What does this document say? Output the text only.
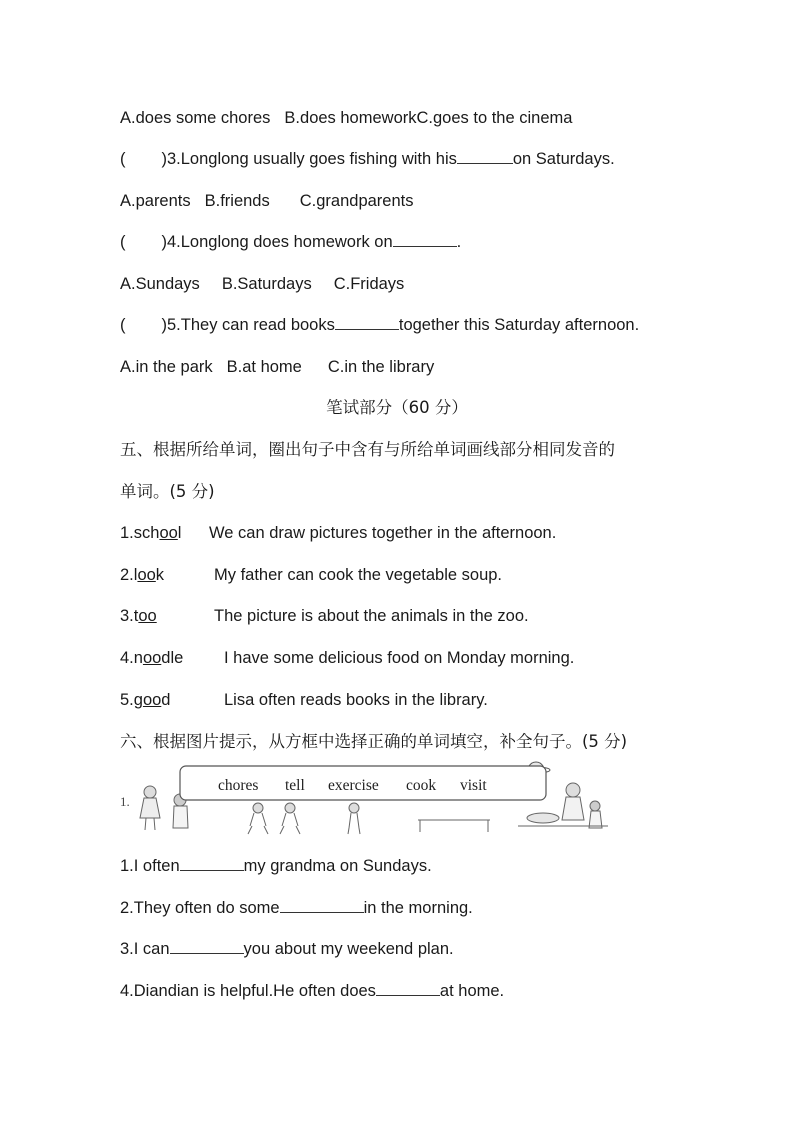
A.does some chores B.does homeworkC.goes to the cinema
( )3.Longlong usually goes fishing with his	on Saturdays.
A.parents B.friends C.grandparents
( )4.Longlong does homework on	.
A.Sundays B.Saturdays C.Fridays
( )5.They can read books	together this Saturday afternoon.
A.in the park B.at home C.in the library
笔试部分（60 分）
五、根据所给单词，圈出句子中含有与所给单词画线部分相同发音的
单词。(5 分)
1.school We can draw pictures together in the afternoon.
2.look	My father can cook the vegetable soup.
3.too	The picture is about the animals in the zoo.
4.noodle I have some delicious food on Monday morning.
5.good	Lisa often reads books in the library.
六、根据图片提示，从方框中选择正确的单词填空，补全句子。(5 分)
1.
chores tell exercise cook visit
1.I often	my grandma on Sundays.
2.They often do some	in the morning.
3.I can	you about my weekend plan.
4.Diandian is helpful.He often does	at home.
